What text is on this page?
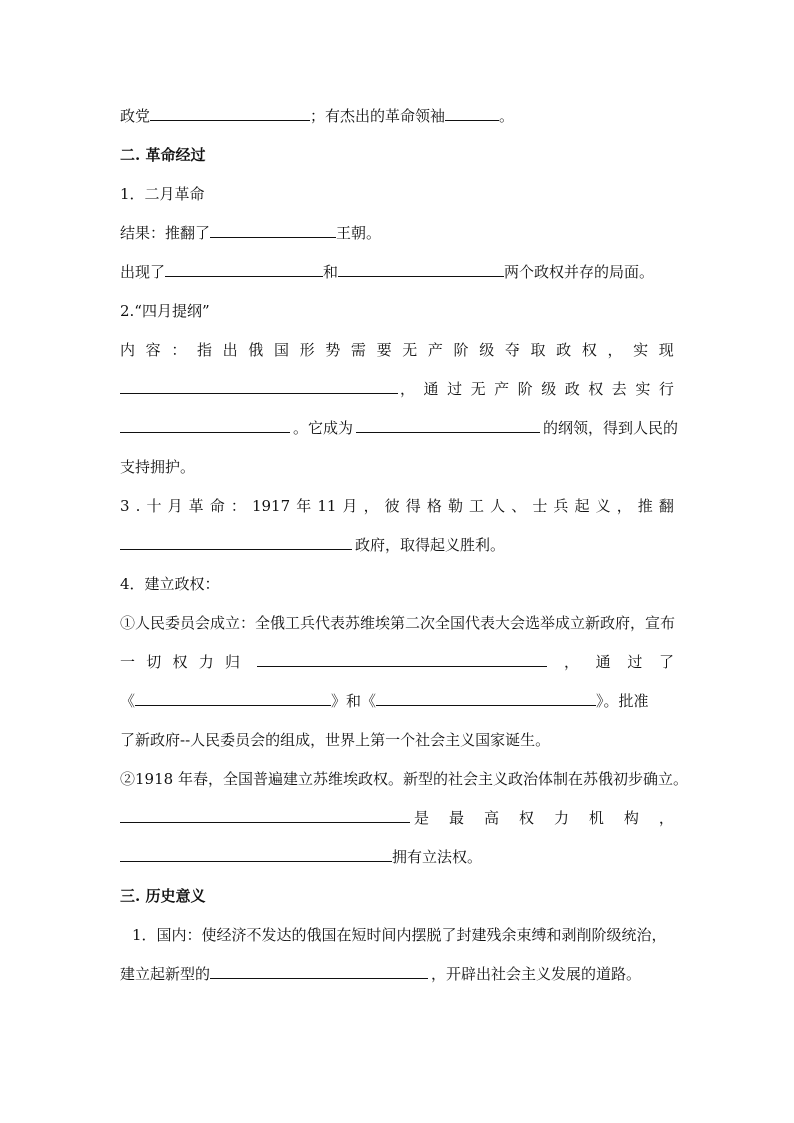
政党	；有杰出的革命领袖	。
二. 革命经过
1．二月革命
结果：推翻了	王朝。
出现了	和	两个政权并存的局面。
2.“四月提纲”
内 容 ： 指 出 俄 国 形 势 需 要 无 产 阶 级 夺 取 政 权 ， 实 现
， 通 过 无 产 阶 级 政 权 去 实 行
。它成为	的纲领，得到人民的
支持拥护。
3 . 十 月 革 命 ： 1917 年 11 月 ， 彼 得 格 勒 工 人 、 士 兵 起 义 ， 推 翻
政府，取得起义胜利。
4．建立政权：
①人民委员会成立：全俄工兵代表苏维埃第二次全国代表大会选举成立新政府，宣布
一 切 权 力 归	， 通 过 了
《	》和《	》。批准
了新政府--人民委员会的组成，世界上第一个社会主义国家诞生。
②1918 年春，全国普遍建立苏维埃政权。新型的社会主义政治体制在苏俄初步确立。
是 最 高 权 力 机 构 ，
拥有立法权。
三. 历史意义
1．国内：使经济不发达的俄国在短时间内摆脱了封建残余束缚和剥削阶级统治，
建立起新型的	，开辟出社会主义发展的道路。
